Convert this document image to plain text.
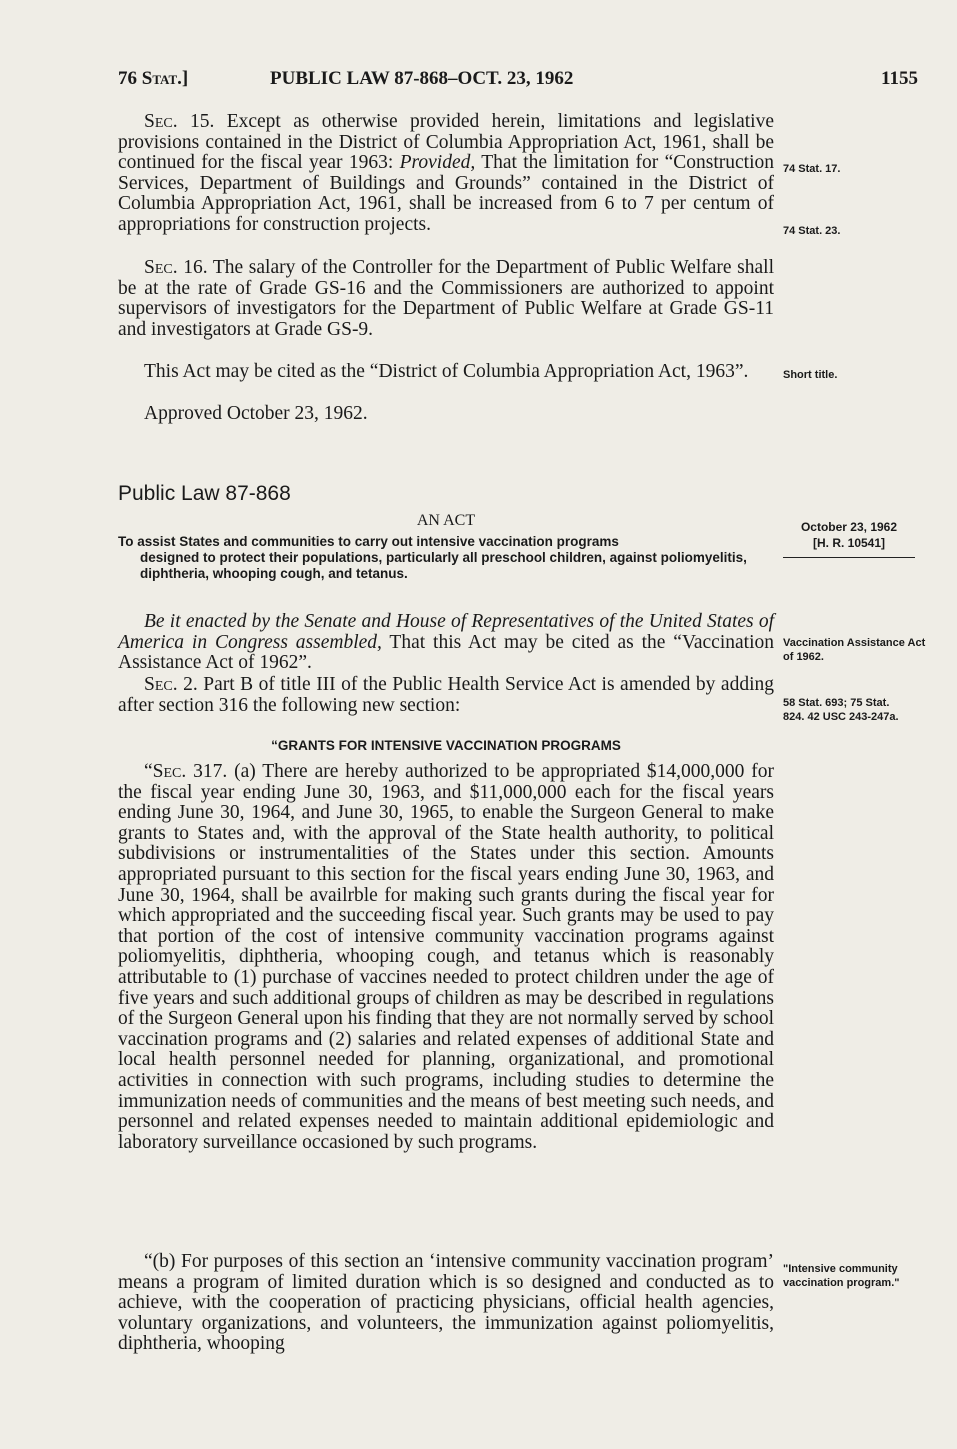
76 Stat.]	PUBLIC LAW 87-868–OCT. 23, 1962	1155

Sec. 15. Except as otherwise provided herein, limitations and legislative provisions contained in the District of Columbia Appropriation Act, 1961, shall be continued for the fiscal year 1963: Provided, That the limitation for “Construction Services, Department of Buildings and Grounds” contained in the District of Columbia Appropriation Act, 1961, shall be increased from 6 to 7 per centum of appropriations for construction projects.

74 Stat. 17.
74 Stat. 23.

Sec. 16. The salary of the Controller for the Department of Public Welfare shall be at the rate of Grade GS-16 and the Commissioners are authorized to appoint supervisors of investigators for the Department of Public Welfare at Grade GS-11 and investigators at Grade GS-9.

This Act may be cited as the “District of Columbia Appropriation Act, 1963”.	Short title.

Approved October 23, 1962.

Public Law 87-868
AN ACT	October 23, 1962
[H. R. 10541]
To assist States and communities to carry out intensive vaccination programs
designed to protect their populations, particularly all preschool children, against poliomyelitis, diphtheria, whooping cough, and tetanus.

Be it enacted by the Senate and House of Representatives of the United States of America in Congress assembled, That this Act may be cited as the “Vaccination Assistance Act of 1962”.

Vaccination Assistance Act of 1962.

Sec. 2. Part B of title III of the Public Health Service Act is amended by adding after section 316 the following new section:	58 Stat. 693; 75 Stat. 824. 42 USC 243-247a.
“GRANTS FOR INTENSIVE VACCINATION PROGRAMS

“Sec. 317. (a) There are hereby authorized to be appropriated $14,000,000 for the fiscal year ending June 30, 1963, and $11,000,000 each for the fiscal years ending June 30, 1964, and June 30, 1965, to enable the Surgeon General to make grants to States and, with the approval of the State health authority, to political subdivisions or instrumentalities of the States under this section. Amounts appropriated pursuant to this section for the fiscal years ending June 30, 1963, and June 30, 1964, shall be availrble for making such grants during the fiscal year for which appropriated and the succeeding fiscal year. Such grants may be used to pay that portion of the cost of intensive community vaccination programs against poliomyelitis, diphtheria, whooping cough, and tetanus which is reasonably attributable to (1) purchase of vaccines needed to protect children under the age of five years and such additional groups of children as may be described in regulations of the Surgeon General upon his finding that they are not normally served by school vaccination programs and (2) salaries and related expenses of additional State and local health personnel needed for planning, organizational, and promotional activities in connection with such programs, including studies to determine the immunization needs of communities and the means of best meeting such needs, and personnel and related expenses needed to maintain additional epidemiologic and laboratory surveillance occasioned by such programs.

“(b) For purposes of this section an ‘intensive community vaccination program’ means a program of limited duration which is so designed and conducted as to achieve, with the cooperation of practicing physicians, official health agencies, voluntary organizations, and volunteers, the immunization against poliomyelitis, diphtheria, whooping

"Intensive community vaccination program."
